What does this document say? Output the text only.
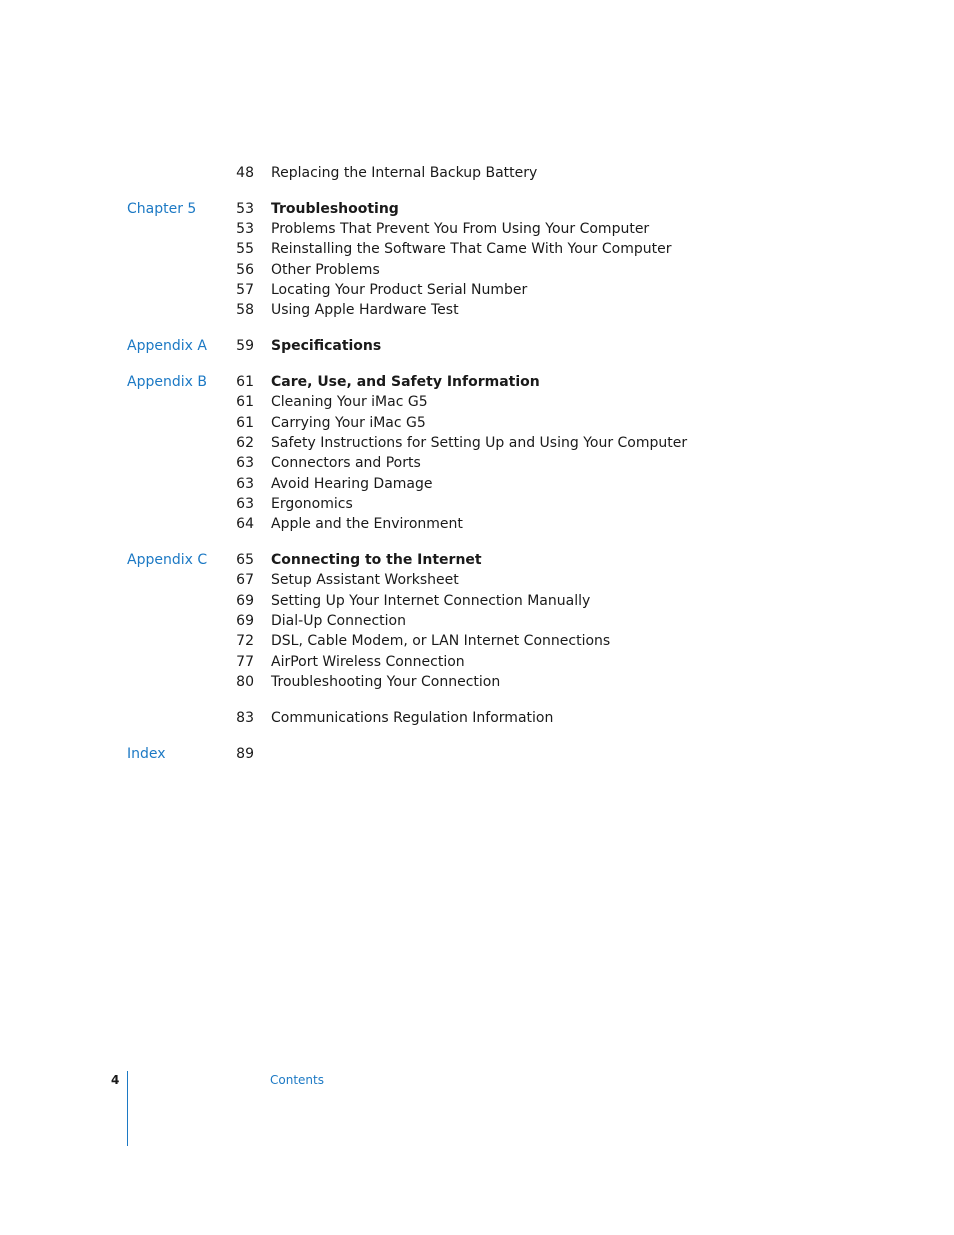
48 Replacing the Internal Backup Battery
Chapter 5	53 Troubleshooting
53 Problems That Prevent You From Using Your Computer
55 Reinstalling the Software That Came With Your Computer
56 Other Problems
57 Locating Your Product Serial Number
58 Using Apple Hardware Test
Appendix A	59 Specifications
Appendix B	61 Care, Use, and Safety Information
61 Cleaning Your iMac G5
61 Carrying Your iMac G5
62 Safety Instructions for Setting Up and Using Your Computer
63 Connectors and Ports
63 Avoid Hearing Damage
63 Ergonomics
64 Apple and the Environment
Appendix C	65 Connecting to the Internet
67 Setup Assistant Worksheet
69 Setting Up Your Internet Connection Manually
69 Dial-Up Connection
72 DSL, Cable Modem, or LAN Internet Connections
77 AirPort Wireless Connection
80 Troubleshooting Your Connection
83 Communications Regulation Information
Index	89
4	Contents
